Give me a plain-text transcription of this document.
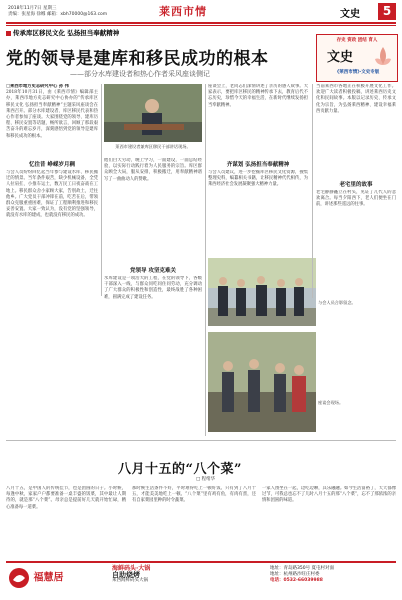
2018年11月7日 星期三
责编：张星海 徐娜 邮箱：xbh70000@163.com	莱西市情	文史	5
传承库区移民文化 弘扬担当奉献精神
党的领导是建库和移民成功的根本
——部分水库建设者和热心作者采风座谈侧记
存史 资政 团结 育人
文史
《莱西市情》·文史专版
□莱西市地方史志研究中心 孙 伟
2018年10月31日，由《莱西市情》编辑部主办，莱西市地方史志研究中心协办的“传承库区移民文化 弘扬担当奉献精神”主题采风座谈会在莱西召开。部分水库建设者、库区移民代表和热心作者参加了座谈。大家围绕党的领导、建库历程、移民安置等话题，畅所欲言，回顾了那段艰苦奋斗的难忘岁月，深刻感悟到党的领导是建库和移民成功的根本。
忆往昔 峥嵘岁月稠
与会人员纷纷回忆起当年参与建设水库、移民搬迁的情景。当年条件艰苦，缺少机械设备，全凭人拉肩扛、小推车运土，数万民工日夜奋战在工地上。移民群众舍小家顾大家，告别故土，迁往他乡。广大党员干部冲锋在前，吃苦在后，带领群众克服重重困难，保证了工程顺利推进和移民妥善安置。大家一致认为，没有党的坚强领导，就没有水库的建成，也就没有移民的成功。
莱西市建设者兼库区移民干部讲话现场。
他们白天劳动，晚上学习，一面建设，一面总结经验，以实际行动践行着为人民服务的宗旨。库区群众顾全大局，服从安排，积极搬迁，用奉献精神谱写了一曲曲动人的赞歌。
党领导 攻坚克难关
水库建设是一项浩大的工程，在党的领导下，各级干部深入一线，与群众同吃同住同劳动，充分调动了广大群众的积极性和创造性，最终战胜了各种困难，圆满完成了建设任务。
座谈会上，老同志们深情讲述了亲历的感人故事。大家表示，要把库区移民的精神传承下去，教育后代不忘历史，珍惜今天的幸福生活，在新时代继续发扬担当奉献精神。
齐谋划 弘扬担当奉献精神
与会人员建议，进一步挖掘库区移民文化资源，搜集整理史料，编纂相关书籍，让移民精神代代相传，为莱西经济社会发展凝聚强大精神力量。
与会人员合影留念。
座谈会现场。
当前莱西市各地正在积极开展文化工作。欢迎广大读者积极投稿，讲述莱西历史文化和民间故事。本版以记录历史、传承文化为宗旨，为弘扬莱西精神、建设幸福莱西贡献力量。
老宅里的故事
老宅静静矗立在村头，见证了几代人的悲欢离合。每当夕阳西下，老人们便坐在门前，讲述那些遥远的往事。
八月十五的“八个菜”
□ 程绪华
八月十五，是中国人的传统佳节，也是团圆的日子。小时候，每逢中秋，家家户户都要准备一桌丰盛的饭菜，其中最让人期待的，就是那“八个菜”。母亲总是提前好几天就开始忙碌，精心准备每一道菜。
那时候生活条件不好，平时难得吃上一顿好饭。只有到了八月十五，才能美美地吃上一顿。“八个菜”里有鸡有鱼，有肉有蛋，还有自家菜园里种的时令蔬菜。
一家人围坐在一起，边吃边聊，其乐融融。如今生活富裕了，天天都像过节，可我总也忘不了儿时八月十五的那“八个菜”，忘不了那浓浓的亲情和团圆的味道。
福慧居
海鲜码头·大锅
自助烧烤
莱西海鲜码头大锅
地址：青岛路350号 夏屯村对面
地址：杭州路沙旺庄村委
电话：0532-66039988
